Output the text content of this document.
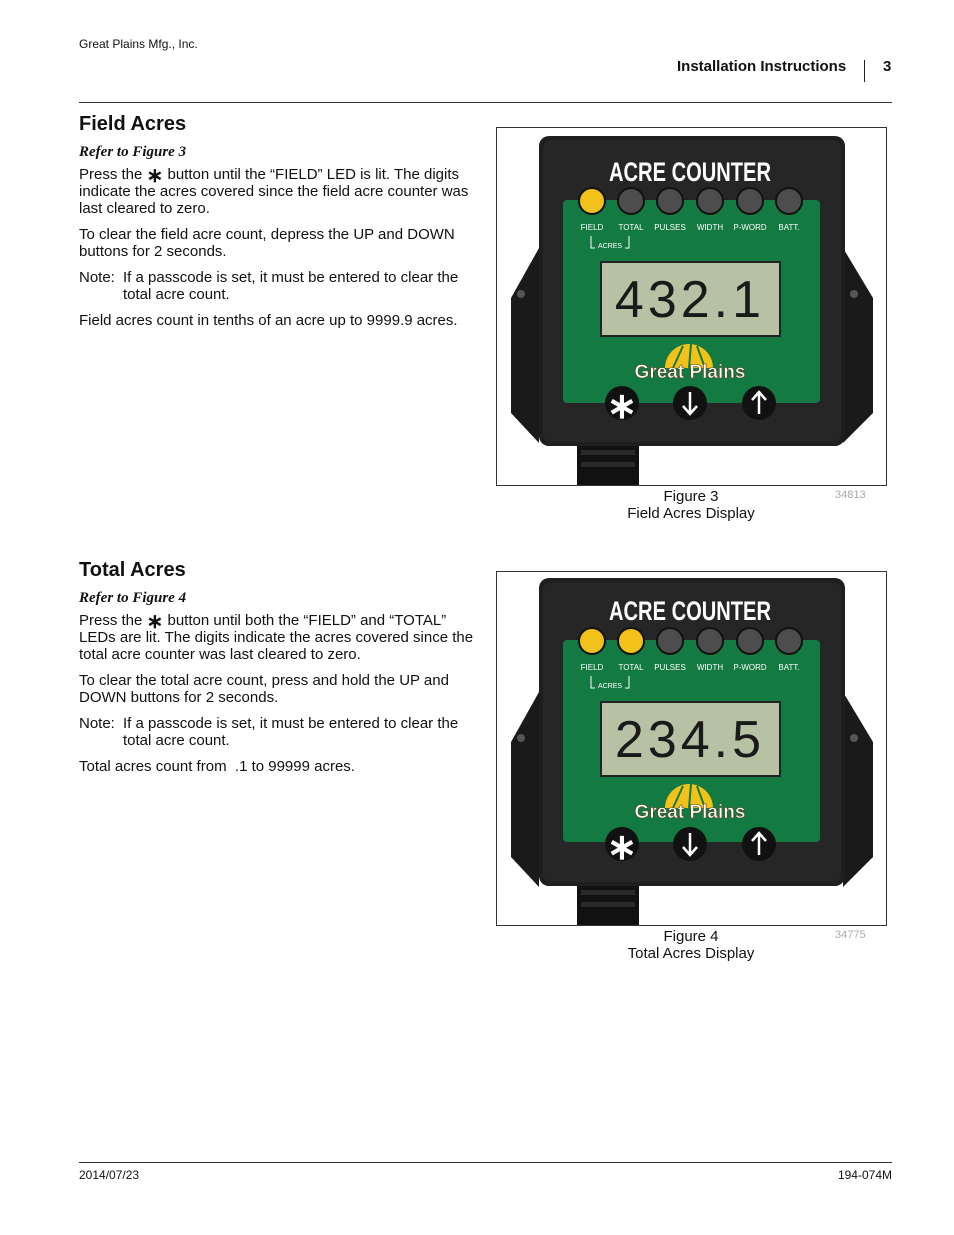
Great Plains Mfg., Inc.
Installation Instructions 3
Field Acres
Refer to Figure 3

Press the ∗ button until the “FIELD” LED is lit. The digits indicate the acres covered since the field acre counter was last cleared to zero.

To clear the field acre count, depress the UP and DOWN buttons for 2 seconds.

Note: If a passcode is set, it must be entered to clear the total acre count.

Field acres count in tenths of an acre up to 9999.9 acres.

ACRE COUNTER
FIELD TOTAL PULSES WIDTH P-WORD BATT.
ACRES
432.1
Great Plains
∗
Figure 3
Field Acres Display
34813
Total Acres
Refer to Figure 4

Press the ∗ button until both the “FIELD” and “TOTAL” LEDs are lit. The digits indicate the acres covered since the total acre counter was last cleared to zero.

To clear the total acre count, press and hold the UP and DOWN buttons for 2 seconds.

Note: If a passcode is set, it must be entered to clear the total acre count.

Total acres count from  .1 to 99999 acres.

ACRE COUNTER
FIELD TOTAL PULSES WIDTH P-WORD BATT.
ACRES
234.5
Great Plains
∗
Figure 4
Total Acres Display
34775
2014/07/23	194-074M
